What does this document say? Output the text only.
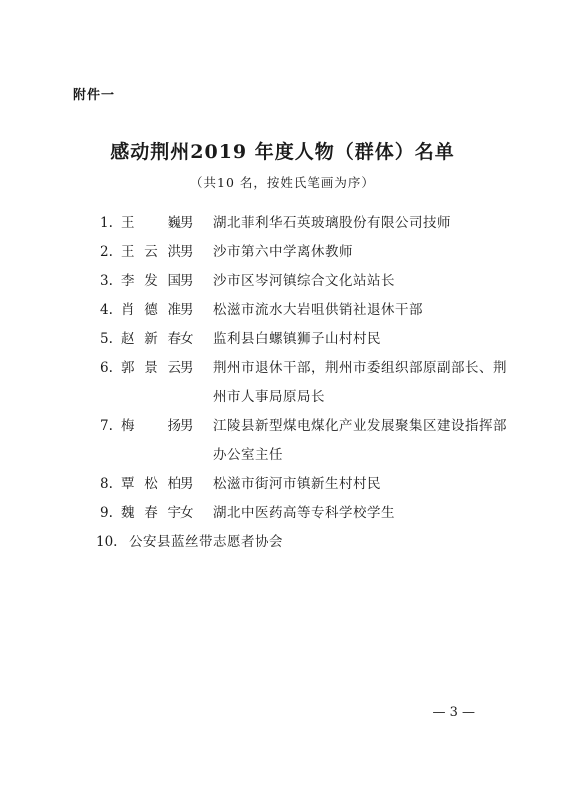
附件一
感动荆州2019 年度人物（群体）名单
（共10 名，按姓氏笔画为序）
1. 王 巍 男 湖北菲利华石英玻璃股份有限公司技师
2. 王云洪 男 沙市第六中学离休教师
3. 李发国 男 沙市区岑河镇综合文化站站长
4. 肖德准 男 松滋市流水大岩咀供销社退休干部
5. 赵新春 女 监利县白螺镇狮子山村村民
6. 郭景云 男 荆州市退休干部，荆州市委组织部原副部长、荆州市人事局原局长
7. 梅 扬 男 江陵县新型煤电煤化产业发展聚集区建设指挥部办公室主任
8. 覃松柏 男 松滋市街河市镇新生村村民
9. 魏春宇 女 湖北中医药高等专科学校学生
10. 公安县蓝丝带志愿者协会
— 3 —
